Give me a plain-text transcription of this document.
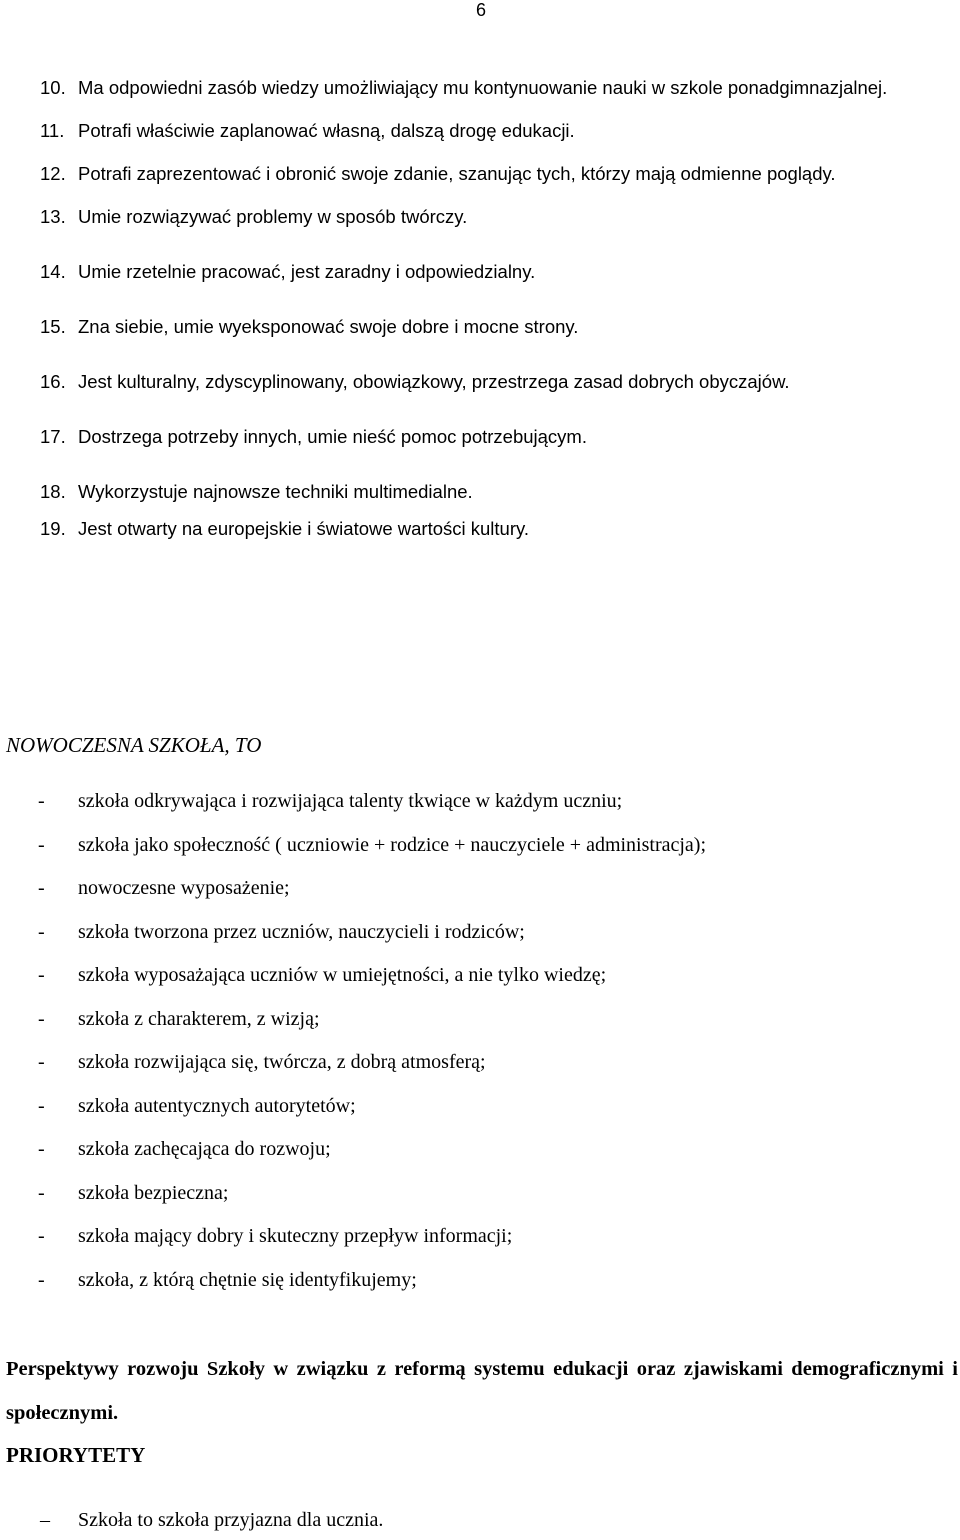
6
10. Ma odpowiedni zasób wiedzy umożliwiający mu kontynuowanie nauki w szkole ponadgimnazjalnej.
11. Potrafi właściwie zaplanować własną, dalszą drogę edukacji.
12. Potrafi zaprezentować i obronić swoje zdanie, szanując tych, którzy mają odmienne poglądy.
13. Umie rozwiązywać problemy w sposób twórczy.
14. Umie rzetelnie pracować, jest zaradny i odpowiedzialny.
15. Zna siebie, umie wyeksponować swoje dobre i mocne strony.
16. Jest kulturalny, zdyscyplinowany, obowiązkowy, przestrzega zasad dobrych obyczajów.
17. Dostrzega potrzeby innych, umie nieść pomoc potrzebującym.
18. Wykorzystuje najnowsze techniki multimedialne.
19. Jest otwarty na europejskie i światowe wartości kultury.
NOWOCZESNA SZKOŁA, TO
-	szkoła odkrywająca i rozwijająca talenty tkwiące w każdym uczniu;
-	szkoła jako społeczność ( uczniowie + rodzice + nauczyciele + administracja);
-	nowoczesne wyposażenie;
-	szkoła tworzona przez uczniów, nauczycieli i rodziców;
-	szkoła wyposażająca uczniów w umiejętności, a nie tylko wiedzę;
-	szkoła z charakterem, z wizją;
-	szkoła rozwijająca się, twórcza, z dobrą atmosferą;
-	szkoła autentycznych autorytetów;
-	szkoła zachęcająca do rozwoju;
-	szkoła bezpieczna;
-	szkoła mający dobry i skuteczny przepływ informacji;
-	szkoła, z którą chętnie się identyfikujemy;
Perspektywy rozwoju Szkoły w związku z reformą systemu edukacji oraz zjawiskami demograficznymi i społecznymi.
PRIORYTETY
–	Szkoła to szkoła przyjazna dla ucznia.
